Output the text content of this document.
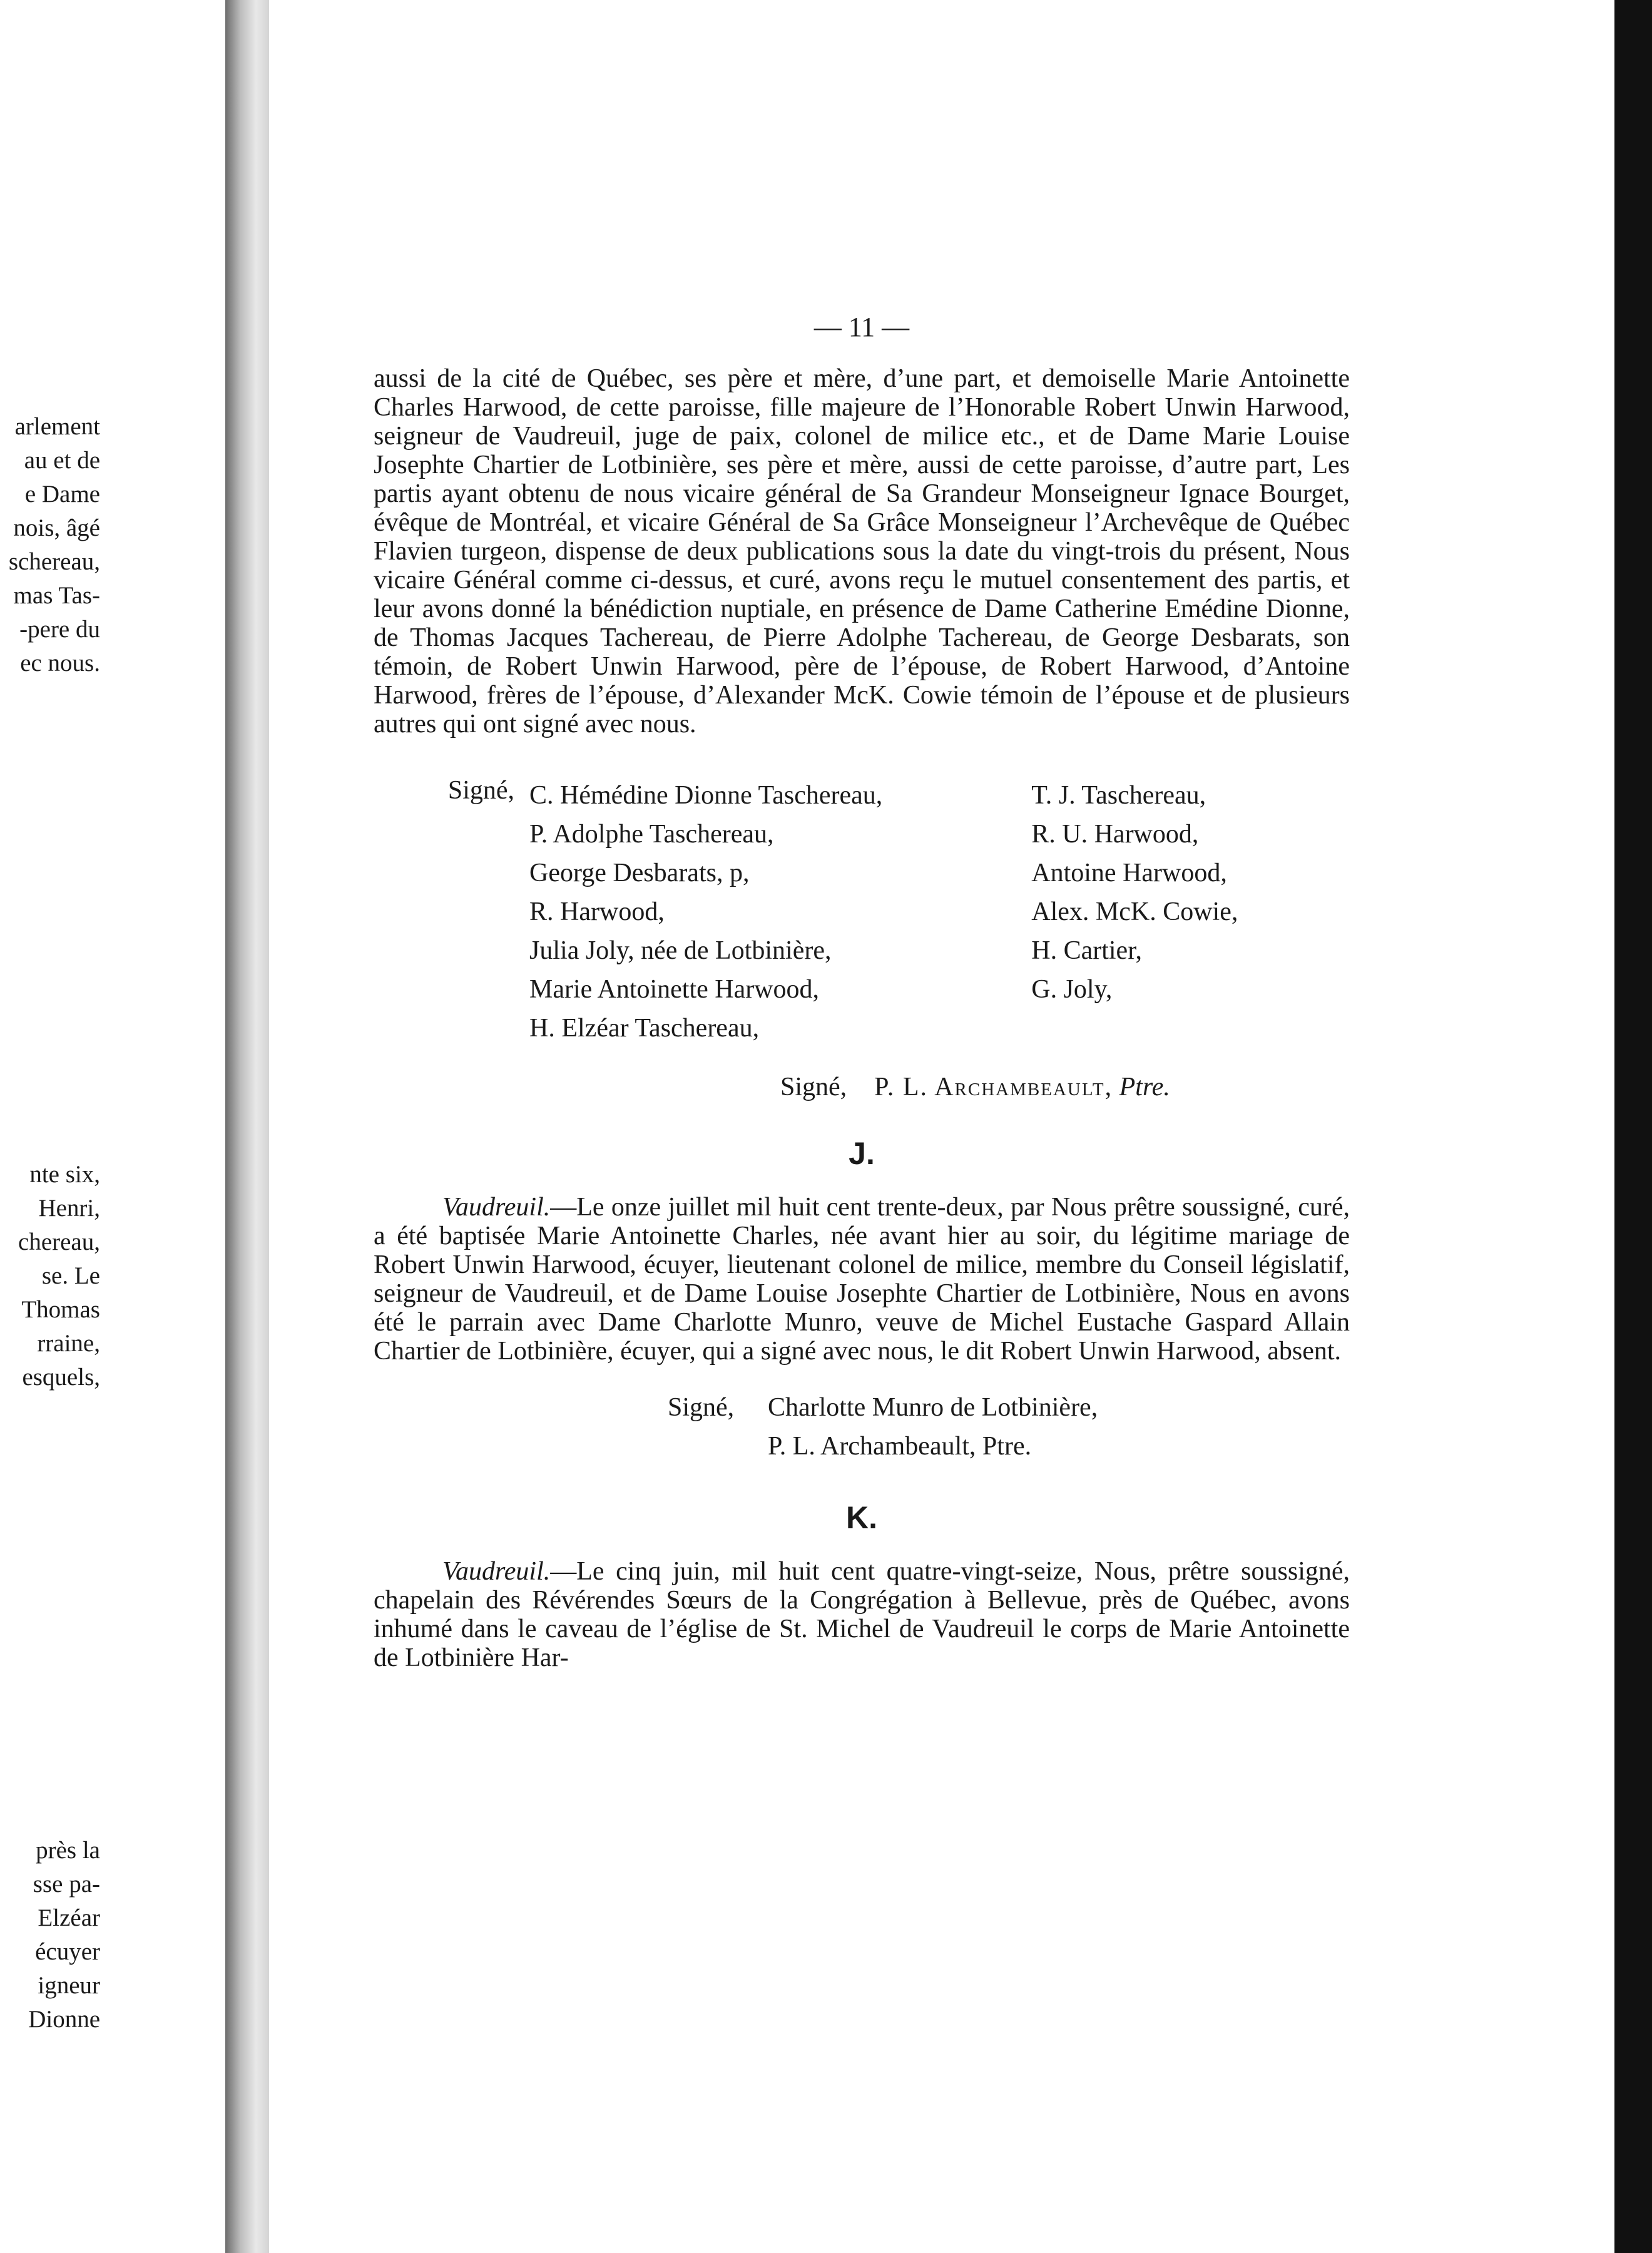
arlement
au et de
e Dame
nois, âgé
schereau,
mas Tas-
-pere du
ec nous.
nte six,
Henri,
chereau,
se. Le
Thomas
rraine,
esquels,
près la
sse pa-
Elzéar
écuyer
igneur
Dionne
— 11 —

aussi de la cité de Québec, ses père et mère, d’une part, et demoiselle Marie Antoinette Charles Harwood, de cette paroisse, fille majeure de l’Honorable Robert Unwin Harwood, seigneur de Vaudreuil, juge de paix, colonel de milice etc., et de Dame Marie Louise Josephte Chartier de Lotbinière, ses père et mère, aussi de cette paroisse, d’autre part, Les partis ayant obtenu de nous vicaire général de Sa Grandeur Monseigneur Ignace Bourget, évêque de Montréal, et vicaire Général de Sa Grâce Monseigneur l’Archevêque de Québec Flavien turgeon, dispense de deux publications sous la date du vingt-trois du présent, Nous vicaire Général comme ci-dessus, et curé, avons reçu le mutuel consentement des partis, et leur avons donné la bénédiction nuptiale, en présence de Dame Catherine Emédine Dionne, de Thomas Jacques Tachereau, de Pierre Adolphe Tachereau, de George Desbarats, son témoin, de Robert Unwin Harwood, père de l’épouse, de Robert Harwood, d’Antoine Harwood, frères de l’épouse, d’Alexander McK. Cowie témoin de l’épouse et de plusieurs autres qui ont signé avec nous.

Signé, C. Hémédine Dionne Taschereau,
P. Adolphe Taschereau,
George Desbarats, p,
R. Harwood,
Julia Joly, née de Lotbinière,
Marie Antoinette Harwood,
H. Elzéar Taschereau,
T. J. Taschereau,
R. U. Harwood,
Antoine Harwood,
Alex. McK. Cowie,
H. Cartier,
G. Joly,
Signé, P. L. Archambeault, Ptre.
J.

Vaudreuil.—Le onze juillet mil huit cent trente-deux, par Nous prêtre soussigné, curé, a été baptisée Marie Antoinette Charles, née avant hier au soir, du légitime mariage de Robert Unwin Harwood, écuyer, lieutenant colonel de milice, membre du Conseil législatif, seigneur de Vaudreuil, et de Dame Louise Josephte Chartier de Lotbinière, Nous en avons été le parrain avec Dame Charlotte Munro, veuve de Michel Eustache Gaspard Allain Chartier de Lotbinière, écuyer, qui a signé avec nous, le dit Robert Unwin Harwood, absent.

Signé,	Charlotte Munro de Lotbinière,
P. L. Archambeault, Ptre.
K.

Vaudreuil.—Le cinq juin, mil huit cent quatre-vingt-seize, Nous, prêtre soussigné, chapelain des Révérendes Sœurs de la Congrégation à Bellevue, près de Québec, avons inhumé dans le caveau de l’église de St. Michel de Vaudreuil le corps de Marie Antoinette de Lotbinière Har-
